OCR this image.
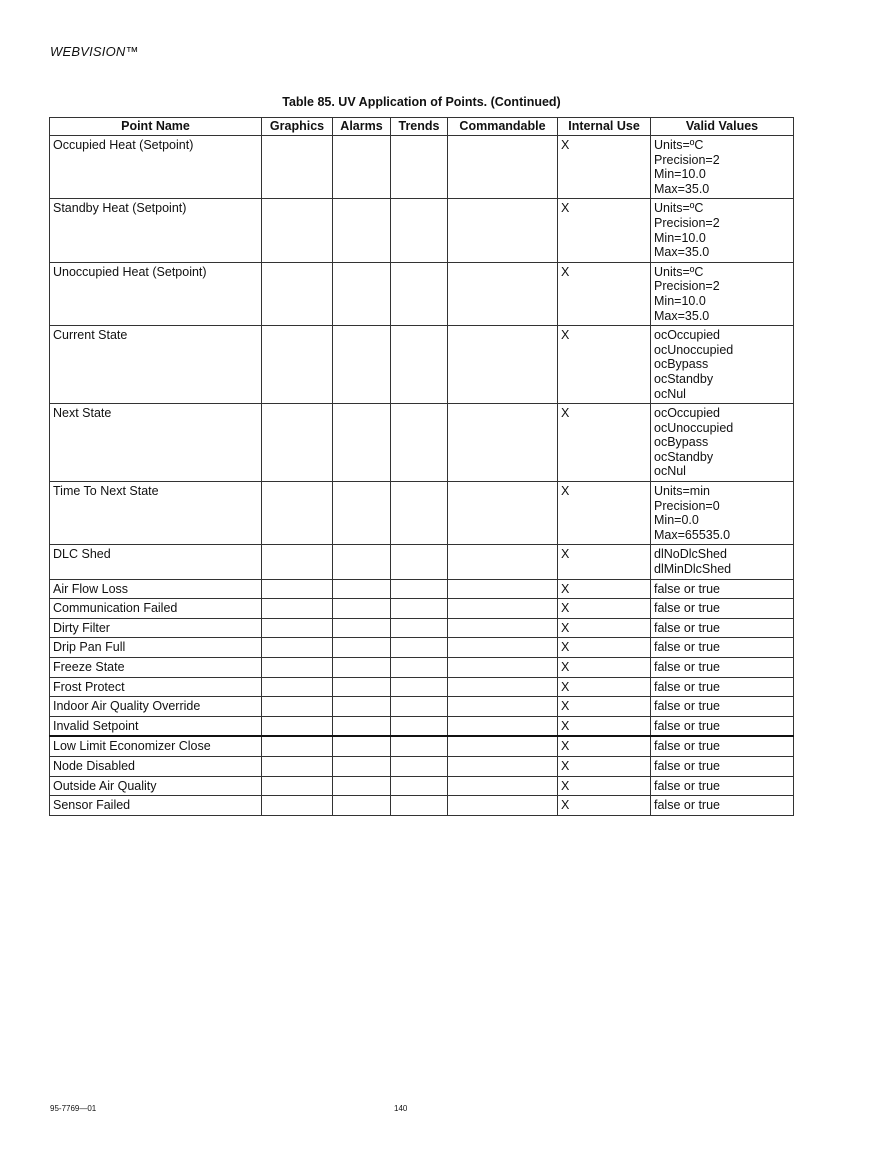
WEBVISION™
Table 85. UV Application of Points. (Continued)
Point Name	Graphics	Alarms	Trends	Commandable	Internal Use	Valid Values
Occupied Heat (Setpoint)					X	Units=ºC
Precision=2
Min=10.0
Max=35.0

Standby Heat (Setpoint)					X	Units=ºC
Precision=2
Min=10.0
Max=35.0

Unoccupied Heat (Setpoint)					X	Units=ºC
Precision=2
Min=10.0
Max=35.0

Current State					X	ocOccupied
ocUnoccupied
ocBypass
ocStandby
ocNul

Next State					X	ocOccupied
ocUnoccupied
ocBypass
ocStandby
ocNul

Time To Next State					X	Units=min
Precision=0
Min=0.0
Max=65535.0

DLC Shed					X	dlNoDlcShed
dlMinDlcShed

Air Flow Loss					X	false or true

Communication Failed					X	false or true

Dirty Filter					X	false or true

Drip Pan Full					X	false or true

Freeze State					X	false or true

Frost Protect					X	false or true

Indoor Air Quality Override					X	false or true

Invalid Setpoint					X	false or true

Low Limit Economizer Close					X	false or true

Node Disabled					X	false or true

Outside Air Quality					X	false or true

Sensor Failed					X	false or true
95-7769—01	140
